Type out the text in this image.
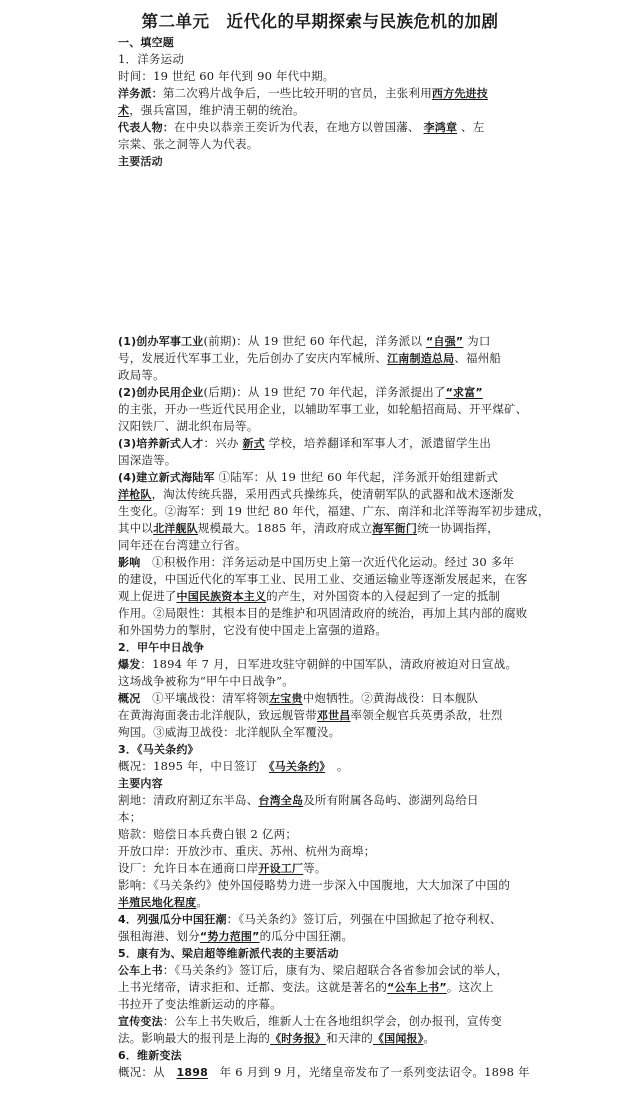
第二单元　近代化的早期探索与民族危机的加剧
一、填空题
1．洋务运动
时间：19 世纪 60 年代到 90 年代中期。
洋务派：第二次鸦片战争后，一些比较开明的官员，主张利用西方先进技
术，强兵富国，维护清王朝的统治。
代表人物：在中央以恭亲王奕䜣为代表，在地方以曾国藩、 李鸿章 、左
宗棠、张之洞等人为代表。
主要活动
(1)创办军事工业(前期)：从 19 世纪 60 年代起，洋务派以 “自强” 为口
号，发展近代军事工业，先后创办了安庆内军械所、江南制造总局、福州船
政局等。
(2)创办民用企业(后期)：从 19 世纪 70 年代起，洋务派提出了“求富”
的主张，开办一些近代民用企业，以辅助军事工业，如轮船招商局、开平煤矿、
汉阳铁厂、湖北织布局等。
(3)培养新式人才：兴办 新式 学校，培养翻译和军事人才，派遣留学生出
国深造等。
(4)建立新式海陆军 ①陆军：从 19 世纪 60 年代起，洋务派开始组建新式
洋枪队，淘汰传统兵器，采用西式兵操练兵，使清朝军队的武器和战术逐渐发
生变化。②海军：到 19 世纪 80 年代，福建、广东、南洋和北洋等海军初步建成，
其中以北洋舰队规模最大。1885 年，清政府成立海军衙门统一协调指挥，
同年还在台湾建立行省。
影响　 ①积极作用：洋务运动是中国历史上第一次近代化运动。经过 30 多年
的建设，中国近代化的军事工业、民用工业、交通运输业等逐渐发展起来，在客
观上促进了中国民族资本主义的产生，对外国资本的入侵起到了一定的抵制
作用。②局限性：其根本目的是维护和巩固清政府的统治，再加上其内部的腐败
和外国势力的掣肘，它没有使中国走上富强的道路。
2．甲午中日战争
爆发：1894 年 7 月，日军进攻驻守朝鲜的中国军队，清政府被迫对日宣战。
这场战争被称为“甲午中日战争”。
概况　 ①平壤战役：清军将领左宝贵中炮牺牲。②黄海战役：日本舰队
在黄海海面袭击北洋舰队，致远舰管带邓世昌率领全舰官兵英勇杀敌，壮烈
殉国。③威海卫战役：北洋舰队全军覆没。
3．《马关条约》
概况：1895 年，中日签订　 《马关条约》　 。
主要内容
割地：清政府割辽东半岛、台湾全岛及所有附属各岛屿、澎湖列岛给日
本；
赔款：赔偿日本兵费白银 2 亿两；
开放口岸：开放沙市、重庆、苏州、杭州为商埠；
设厂：允许日本在通商口岸开设工厂等。
影响：《马关条约》使外国侵略势力进一步深入中国腹地，大大加深了中国的
半殖民地化程度。
4．列强瓜分中国狂潮：《马关条约》签订后，列强在中国掀起了抢夺利权、
强租海港、划分“势力范围”的瓜分中国狂潮。
5．康有为、梁启超等维新派代表的主要活动
公车上书：《马关条约》签订后，康有为、梁启超联合各省参加会试的举人，
上书光绪帝，请求拒和、迁都、变法。这就是著名的“公车上书”。这次上
书拉开了变法维新运动的序幕。
宣传变法：公车上书失败后，维新人士在各地组织学会，创办报刊，宣传变
法。影响最大的报刊是上海的《时务报》和天津的《国闻报》。
6．维新变法
概况：从　 1898　 年 6 月到 9 月，光绪皇帝发布了一系列变法诏令。1898 年
